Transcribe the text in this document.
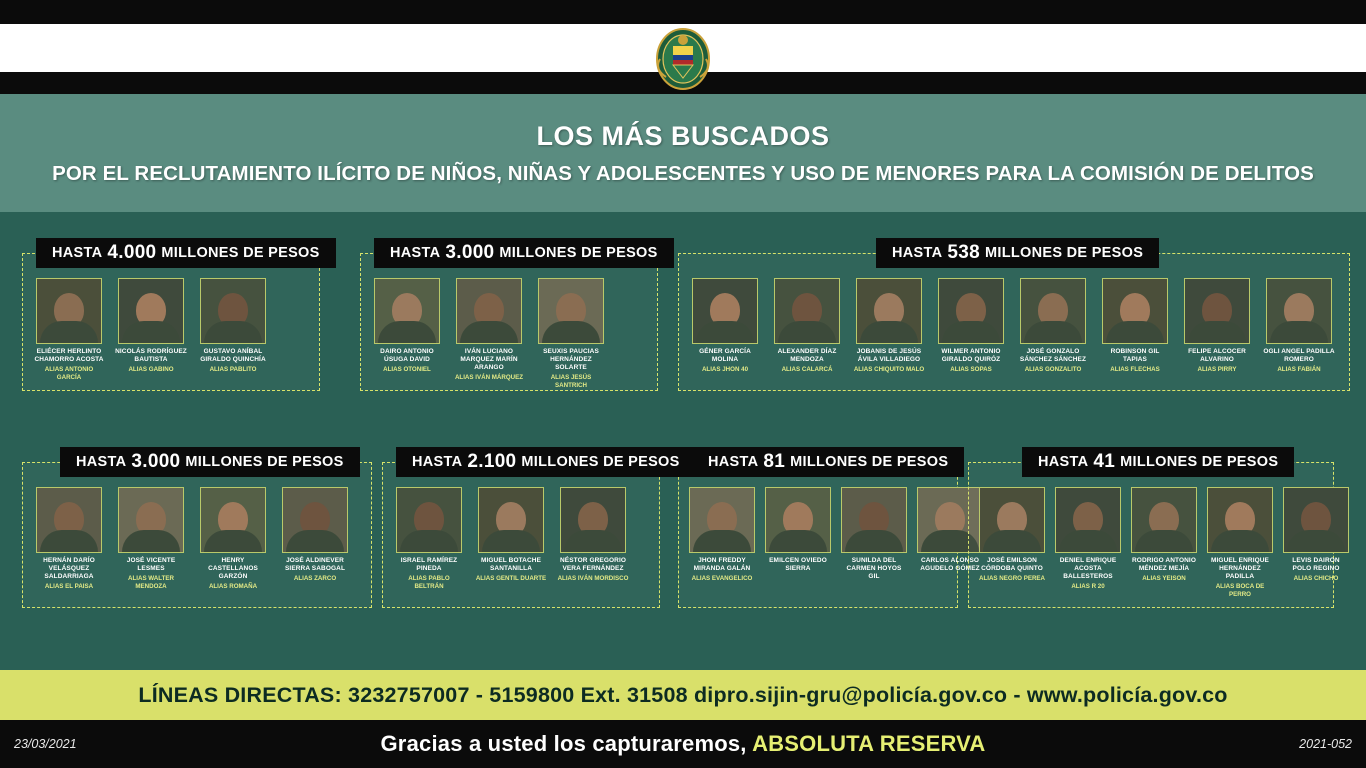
LOS MÁS BUSCADOS
POR EL RECLUTAMIENTO ILÍCITO DE NIÑOS, NIÑAS Y ADOLESCENTES Y USO DE MENORES PARA LA COMISIÓN DE DELITOS
ELIÉCER HERLINTO CHAMORRO ACOSTA
ALIAS ANTONIO GARCÍA
NICOLÁS RODRÍGUEZ BAUTISTA
ALIAS GABINO
GUSTAVO ANÍBAL GIRALDO QUINCHÍA
ALIAS PABLITO
HASTA 4.000 MILLONES DE PESOS
DAIRO ANTONIO ÚSUGA DAVID
ALIAS OTONIEL
IVÁN LUCIANO MARQUEZ MARÍN ARANGO
ALIAS IVÁN MÁRQUEZ
SEUXIS PAUCIAS HERNÁNDEZ SOLARTE
ALIAS JESÚS SANTRICH
HASTA 3.000 MILLONES DE PESOS
GÉNER GARCÍA MOLINA
ALIAS JHON 40
ALEXANDER DÍAZ MENDOZA
ALIAS CALARCÁ
JOBANIS DE JESÚS ÁVILA VILLADIEGO
ALIAS CHIQUITO MALO
WILMER ANTONIO GIRALDO QUIRÓZ
ALIAS SOPAS
JOSÉ GONZALO SÁNCHEZ SÁNCHEZ
ALIAS GONZALITO
ROBINSON GIL TAPIAS
ALIAS FLECHAS
FELIPE ALCOCER ALVARINO
ALIAS PIRRY
OGLI ANGEL PADILLA ROMERO
ALIAS FABIÁN
HASTA 538 MILLONES DE PESOS
HERNÁN DARÍO VELÁSQUEZ SALDARRIAGA
ALIAS EL PAISA
JOSÉ VICENTE LESMES
ALIAS WALTER MENDOZA
HENRY CASTELLANOS GARZÓN
ALIAS ROMAÑA
JOSÉ ALDINEVER SIERRA SABOGAL
ALIAS ZARCO
HASTA 3.000 MILLONES DE PESOS
ISRAEL RAMÍREZ PINEDA
ALIAS PABLO BELTRÁN
MIGUEL BOTACHE SANTANILLA
ALIAS GENTIL DUARTE
NÉSTOR GREGORIO VERA FERNÁNDEZ
ALIAS IVÁN MORDISCO
HASTA 2.100 MILLONES DE PESOS
JHON FREDDY MIRANDA GALÁN
ALIAS EVANGELICO
EMILCEN OVIEDO SIERRA
SUNILDA DEL CARMEN HOYOS GIL
CARLOS ALONSO AGUDELO GÓMEZ
HASTA 81 MILLONES DE PESOS
JOSÉ EMILSON CÓRDOBA QUINTO
ALIAS NEGRO PEREA
DENIEL ENRIQUE ACOSTA BALLESTEROS
ALIAS R 20
RODRIGO ANTONIO MÉNDEZ MEJÍA
ALIAS YEISON
MIGUEL ENRIQUE HERNÁNDEZ PADILLA
ALIAS BOCA DE PERRO
LEVIS DAIRON POLO REGINO
ALIAS CHICHO
HASTA 41 MILLONES DE PESOS
LÍNEAS DIRECTAS: 3232757007 - 5159800 Ext. 31508 dipro.sijin-gru@policía.gov.co - www.policía.gov.co
23/03/2021	Gracias a usted los capturaremos, ABSOLUTA RESERVA	2021-052
